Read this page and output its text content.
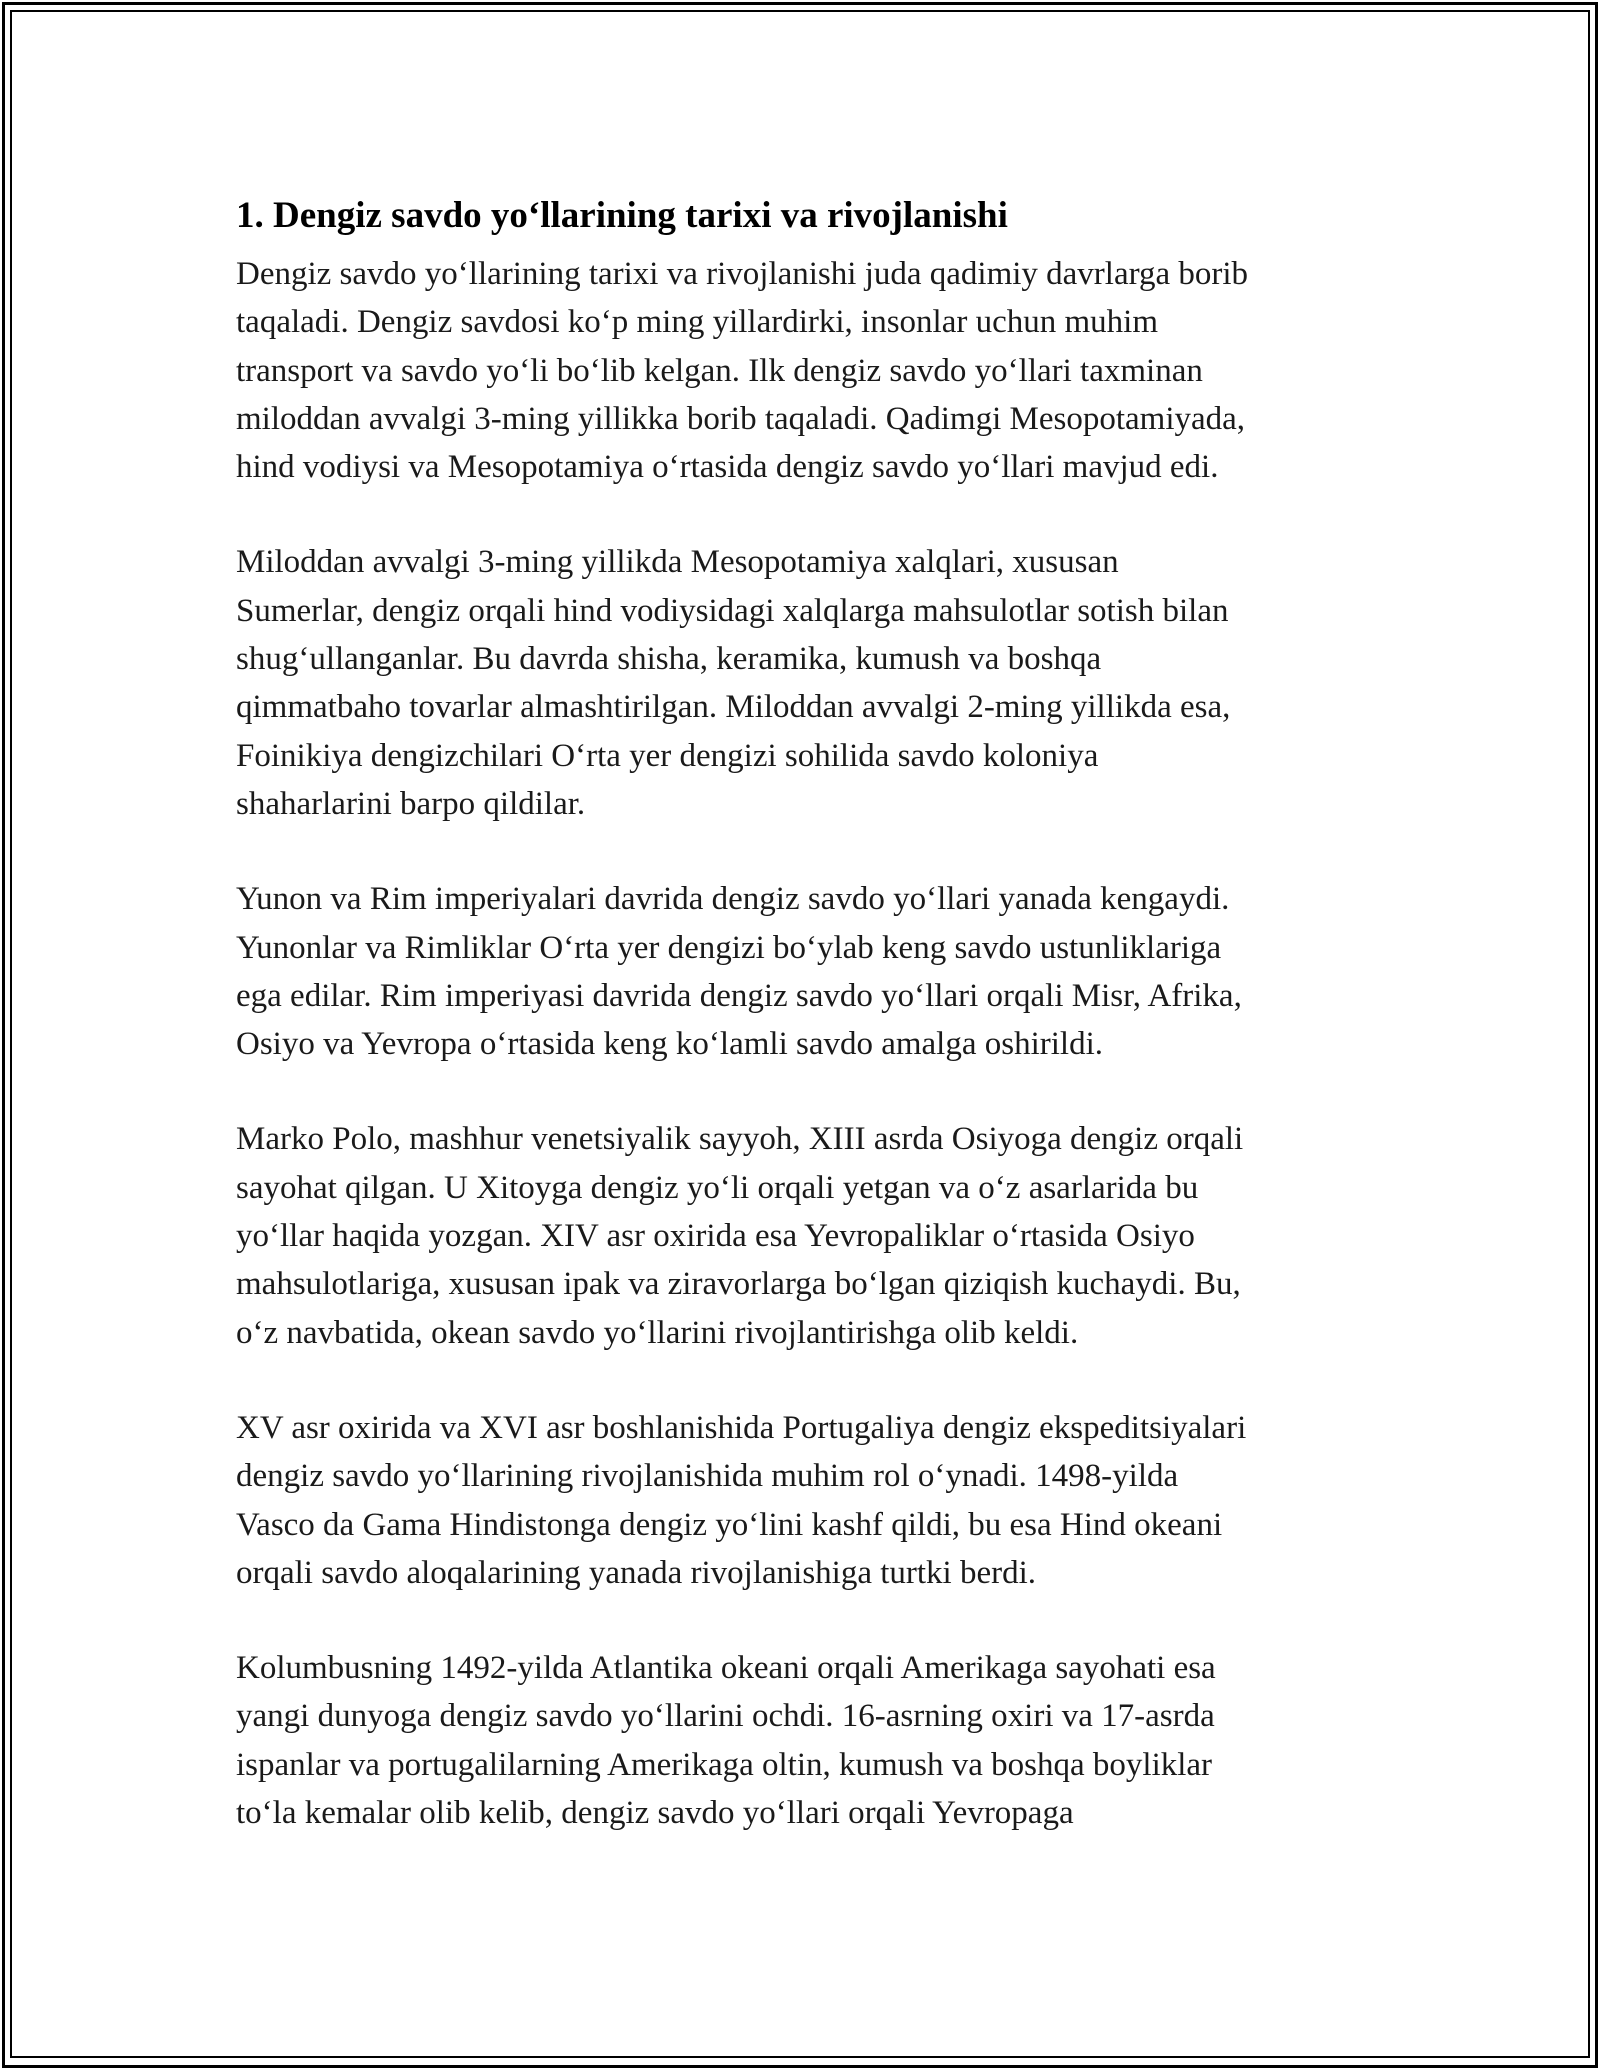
1. Dengiz savdo yo‘llarining tarixi va rivojlanishi

Dengiz savdo yo‘llarining tarixi va rivojlanishi juda qadimiy davrlarga borib
taqaladi. Dengiz savdosi ko‘p ming yillardirki, insonlar uchun muhim
transport va savdo yo‘li bo‘lib kelgan. Ilk dengiz savdo yo‘llari taxminan
miloddan avvalgi 3-ming yillikka borib taqaladi. Qadimgi Mesopotamiyada,
hind vodiysi va Mesopotamiya o‘rtasida dengiz savdo yo‘llari mavjud edi.

Miloddan avvalgi 3-ming yillikda Mesopotamiya xalqlari, xususan
Sumerlar, dengiz orqali hind vodiysidagi xalqlarga mahsulotlar sotish bilan
shug‘ullanganlar. Bu davrda shisha, keramika, kumush va boshqa
qimmatbaho tovarlar almashtirilgan. Miloddan avvalgi 2-ming yillikda esa,
Foinikiya dengizchilari O‘rta yer dengizi sohilida savdo koloniya
shaharlarini barpo qildilar.

Yunon va Rim imperiyalari davrida dengiz savdo yo‘llari yanada kengaydi.
Yunonlar va Rimliklar O‘rta yer dengizi bo‘ylab keng savdo ustunliklariga
ega edilar. Rim imperiyasi davrida dengiz savdo yo‘llari orqali Misr, Afrika,
Osiyo va Yevropa o‘rtasida keng ko‘lamli savdo amalga oshirildi.

Marko Polo, mashhur venetsiyalik sayyoh, XIII asrda Osiyoga dengiz orqali
sayohat qilgan. U Xitoyga dengiz yo‘li orqali yetgan va o‘z asarlarida bu
yo‘llar haqida yozgan. XIV asr oxirida esa Yevropaliklar o‘rtasida Osiyo
mahsulotlariga, xususan ipak va ziravorlarga bo‘lgan qiziqish kuchaydi. Bu,
o‘z navbatida, okean savdo yo‘llarini rivojlantirishga olib keldi.

XV asr oxirida va XVI asr boshlanishida Portugaliya dengiz ekspeditsiyalari
dengiz savdo yo‘llarining rivojlanishida muhim rol o‘ynadi. 1498-yilda
Vasco da Gama Hindistonga dengiz yo‘lini kashf qildi, bu esa Hind okeani
orqali savdo aloqalarining yanada rivojlanishiga turtki berdi.

Kolumbusning 1492-yilda Atlantika okeani orqali Amerikaga sayohati esa
yangi dunyoga dengiz savdo yo‘llarini ochdi. 16-asrning oxiri va 17-asrda
ispanlar va portugalilarning Amerikaga oltin, kumush va boshqa boyliklar
to‘la kemalar olib kelib, dengiz savdo yo‘llari orqali Yevropaga
